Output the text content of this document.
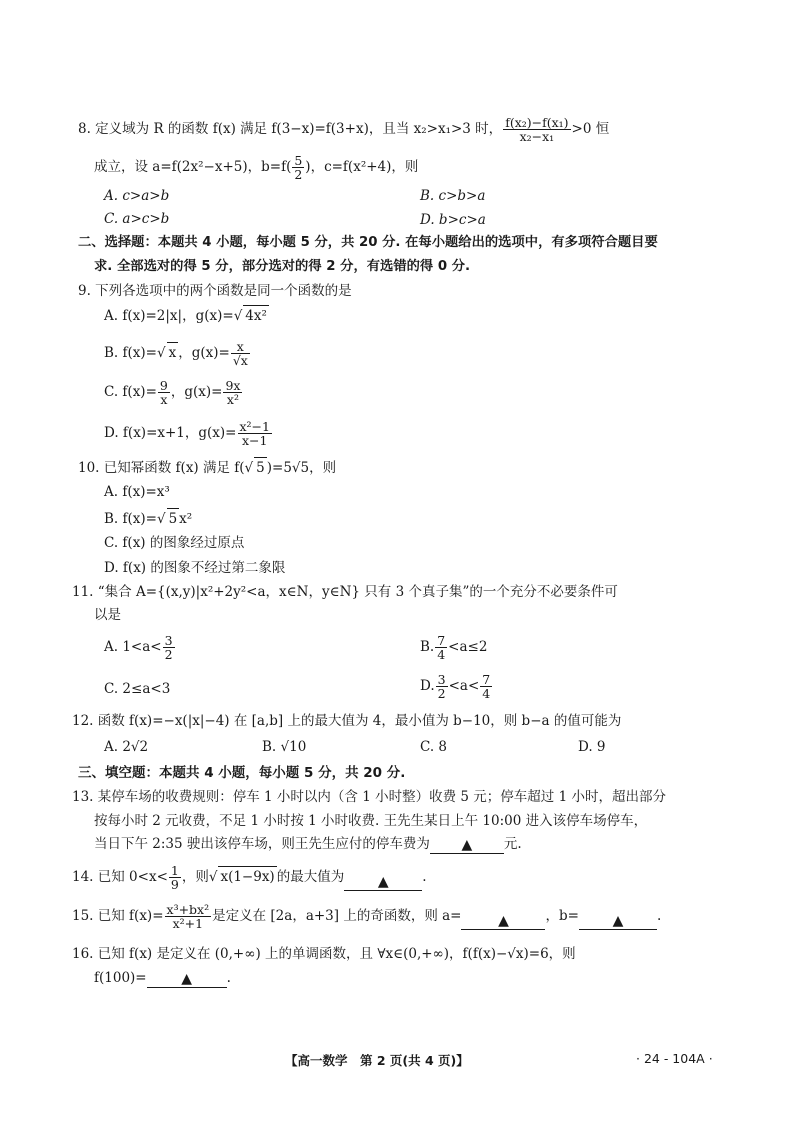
8. 定义域为 R 的函数 f(x) 满足 f(3−x)=f(3+x)，且当 x₂>x₁>3 时， $\frac{\text{f(x₂)−f(x₁)}}{\text{x₂−x₁}} >0$ 恒
成立，设 a=f(2x²−x+5)，$b=f( \frac{5}{2}$ )，c=f(x²+4)，则
A. c>a>b	B. c>b>a
C. a>c>b	D. b>c>a
二、选择题：本题共 4 小题，每小题 5 分，共 20 分. 在每小题给出的选项中，有多项符合题目要
求. 全部选对的得 5 分，部分选对的得 2 分，有选错的得 0 分.
9. 下列各选项中的两个函数是同一个函数的是
A. f(x)=2|x|，g(x)=√ 4x²
B. f(x)=√ x ，$g(x)= \frac{x}{√x}$
C. $f(x)= \frac{9}{x}$ ，$g(x)= \frac{9x}{\text{x²}}$
D. f(x)=x+1，$g(x)= \frac{\text{x²−1}}{x-1}$
10. 已知幂函数 f(x) 满足 f(√ 5 )=5√5，则
A. f(x)=x³
B. f(x)=√ 5 x²
C. f(x) 的图象经过原点
D. f(x) 的图象不经过第二象限
11. “集合 A={(x,y)|x²+2y²<a，x∈N，y∈N} 只有 3 个真子集”的一个充分不必要条件可
以是
A. $1<a< \frac{3}{2}$	B. $\frac{7}{4} <a\le 2$
C. 2≤a<3	D. $\frac{3}{2} <a< \frac{7}{4}$
12. 函数 f(x)=−x(|x|−4) 在 [a,b] 上的最大值为 4，最小值为 b−10，则 b−a 的值可能为
A. 2√2	B. √10	C. 8	D. 9
三、填空题：本题共 4 小题，每小题 5 分，共 20 分.
13. 某停车场的收费规则：停车 1 小时以内（含 1 小时整）收费 5 元；停车超过 1 小时，超出部分
按每小时 2 元收费，不足 1 小时按 1 小时收费. 王先生某日上午 10:00 进入该停车场停车，
当日下午 2:35 驶出该停车场，则王先生应付的停车费为 ▲ 元.
14. 已知 $0<x< \frac{1}{9}$ ，则√ x(1−9x) 的最大值为 ▲ .
15. 已知 $f(x)= \frac{\text{x³+bx²}}{\text{x²+1}}$ 是定义在 [2a，a+3] 上的奇函数，则 a=	▲	，b= ▲ .
16. 已知 f(x) 是定义在 (0,+∞) 上的单调函数，且 ∀x∈(0,+∞)，f(f(x)−√x)=6，则
f(100)= ▲	.
【高一数学　第 2 页(共 4 页)】	· 24 - 104A ·
